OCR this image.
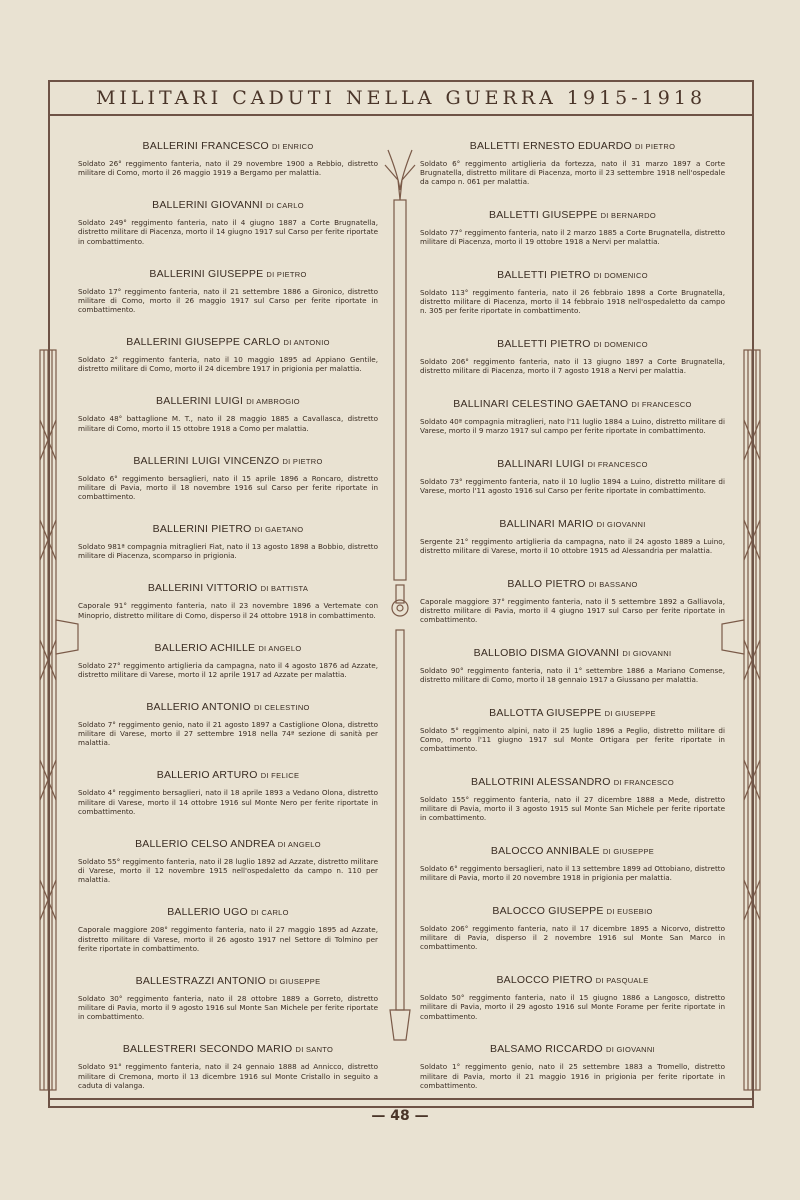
MILITARI CADUTI NELLA GUERRA 1915-1918
BALLERINI FRANCESCO DI ENRICO

Soldato 26° reggimento fanteria, nato il 29 novembre 1900 a Rebbio, distretto militare di Como, morto il 26 maggio 1919 a Bergamo per malattia.

BALLERINI GIOVANNI DI CARLO

Soldato 249° reggimento fanteria, nato il 4 giugno 1887 a Corte Brugnatella, distretto militare di Piacenza, morto il 14 giugno 1917 sul Carso per ferite riportate in combattimento.

BALLERINI GIUSEPPE DI PIETRO

Soldato 17° reggimento fanteria, nato il 21 settembre 1886 a Gironico, distretto militare di Como, morto il 26 maggio 1917 sul Carso per ferite riportate in combattimento.

BALLERINI GIUSEPPE CARLO DI ANTONIO

Soldato 2° reggimento fanteria, nato il 10 maggio 1895 ad Appiano Gentile, distretto militare di Como, morto il 24 dicembre 1917 in prigionia per malattia.

BALLERINI LUIGI DI AMBROGIO

Soldato 48° battaglione M. T., nato il 28 maggio 1885 a Cavallasca, distretto militare di Como, morto il 15 ottobre 1918 a Como per malattia.

BALLERINI LUIGI VINCENZO DI PIETRO

Soldato 6° reggimento bersaglieri, nato il 15 aprile 1896 a Roncaro, distretto militare di Pavia, morto il 18 novembre 1916 sul Carso per ferite riportate in combattimento.

BALLERINI PIETRO DI GAETANO

Soldato 981ª compagnia mitraglieri Fiat, nato il 13 agosto 1898 a Bobbio, distretto militare di Piacenza, scomparso in prigionia.

BALLERINI VITTORIO DI BATTISTA

Caporale 91° reggimento fanteria, nato il 23 novembre 1896 a Vertemate con Minoprio, distretto militare di Como, disperso il 24 ottobre 1918 in combattimento.

BALLERIO ACHILLE DI ANGELO

Soldato 27° reggimento artiglieria da campagna, nato il 4 agosto 1876 ad Azzate, distretto militare di Varese, morto il 12 aprile 1917 ad Azzate per malattia.

BALLERIO ANTONIO DI CELESTINO

Soldato 7° reggimento genio, nato il 21 agosto 1897 a Castiglione Olona, distretto militare di Varese, morto il 27 settembre 1918 nella 74ª sezione di sanità per malattia.

BALLERIO ARTURO DI FELICE

Soldato 4° reggimento bersaglieri, nato il 18 aprile 1893 a Vedano Olona, distretto militare di Varese, morto il 14 ottobre 1916 sul Monte Nero per ferite riportate in combattimento.

BALLERIO CELSO ANDREA DI ANGELO

Soldato 55° reggimento fanteria, nato il 28 luglio 1892 ad Azzate, distretto militare di Varese, morto il 12 novembre 1915 nell'ospedaletto da campo n. 110 per malattia.

BALLERIO UGO DI CARLO

Caporale maggiore 208° reggimento fanteria, nato il 27 maggio 1895 ad Azzate, distretto militare di Varese, morto il 26 agosto 1917 nel Settore di Tolmino per ferite riportate in combattimento.

BALLESTRAZZI ANTONIO DI GIUSEPPE

Soldato 30° reggimento fanteria, nato il 28 ottobre 1889 a Gorreto, distretto militare di Pavia, morto il 9 agosto 1916 sul Monte San Michele per ferite riportate in combattimento.

BALLESTRERI SECONDO MARIO DI SANTO

Soldato 91° reggimento fanteria, nato il 24 gennaio 1888 ad Annicco, distretto militare di Cremona, morto il 13 dicembre 1916 sul Monte Cristallo in seguito a caduta di valanga.

BALLETTI ERNESTO EDUARDO DI PIETRO

Soldato 6° reggimento artiglieria da fortezza, nato il 31 marzo 1897 a Corte Brugnatella, distretto militare di Piacenza, morto il 23 settembre 1918 nell'ospedale da campo n. 061 per malattia.

BALLETTI GIUSEPPE DI BERNARDO

Soldato 77° reggimento fanteria, nato il 2 marzo 1885 a Corte Brugnatella, distretto militare di Piacenza, morto il 19 ottobre 1918 a Nervi per malattia.

BALLETTI PIETRO DI DOMENICO

Soldato 113° reggimento fanteria, nato il 26 febbraio 1898 a Corte Brugnatella, distretto militare di Piacenza, morto il 14 febbraio 1918 nell'ospedaletto da campo n. 305 per ferite riportate in combattimento.

BALLETTI PIETRO DI DOMENICO

Soldato 206° reggimento fanteria, nato il 13 giugno 1897 a Corte Brugnatella, distretto militare di Piacenza, morto il 7 agosto 1918 a Nervi per malattia.

BALLINARI CELESTINO GAETANO DI FRANCESCO

Soldato 40ª compagnia mitraglieri, nato l'11 luglio 1884 a Luino, distretto militare di Varese, morto il 9 marzo 1917 sul campo per ferite riportate in combattimento.

BALLINARI LUIGI DI FRANCESCO

Soldato 73° reggimento fanteria, nato il 10 luglio 1894 a Luino, distretto militare di Varese, morto l'11 agosto 1916 sul Carso per ferite riportate in combattimento.

BALLINARI MARIO DI GIOVANNI

Sergente 21° reggimento artiglieria da campagna, nato il 24 agosto 1889 a Luino, distretto militare di Varese, morto il 10 ottobre 1915 ad Alessandria per malattia.

BALLO PIETRO DI BASSANO

Caporale maggiore 37° reggimento fanteria, nato il 5 settembre 1892 a Galliavola, distretto militare di Pavia, morto il 4 giugno 1917 sul Carso per ferite riportate in combattimento.

BALLOBIO DISMA GIOVANNI DI GIOVANNI

Soldato 90° reggimento fanteria, nato il 1° settembre 1886 a Mariano Comense, distretto militare di Como, morto il 18 gennaio 1917 a Giussano per malattia.

BALLOTTA GIUSEPPE DI GIUSEPPE

Soldato 5° reggimento alpini, nato il 25 luglio 1896 a Peglio, distretto militare di Como, morto l'11 giugno 1917 sul Monte Ortigara per ferite riportate in combattimento.

BALLOTRINI ALESSANDRO DI FRANCESCO

Soldato 155° reggimento fanteria, nato il 27 dicembre 1888 a Mede, distretto militare di Pavia, morto il 3 agosto 1915 sul Monte San Michele per ferite riportate in combattimento.

BALOCCO ANNIBALE DI GIUSEPPE

Soldato 6° reggimento bersaglieri, nato il 13 settembre 1899 ad Ottobiano, distretto militare di Pavia, morto il 20 novembre 1918 in prigionia per malattia.

BALOCCO GIUSEPPE DI EUSEBIO

Soldato 206° reggimento fanteria, nato il 17 dicembre 1895 a Nicorvo, distretto militare di Pavia, disperso il 2 novembre 1916 sul Monte San Marco in combattimento.

BALOCCO PIETRO DI PASQUALE

Soldato 50° reggimento fanteria, nato il 15 giugno 1886 a Langosco, distretto militare di Pavia, morto il 29 agosto 1916 sul Monte Forame per ferite riportate in combattimento.

BALSAMO RICCARDO DI GIOVANNI

Soldato 1° reggimento genio, nato il 25 settembre 1883 a Tromello, distretto militare di Pavia, morto il 21 maggio 1916 in prigionia per ferite riportate in combattimento.

— 48 —
